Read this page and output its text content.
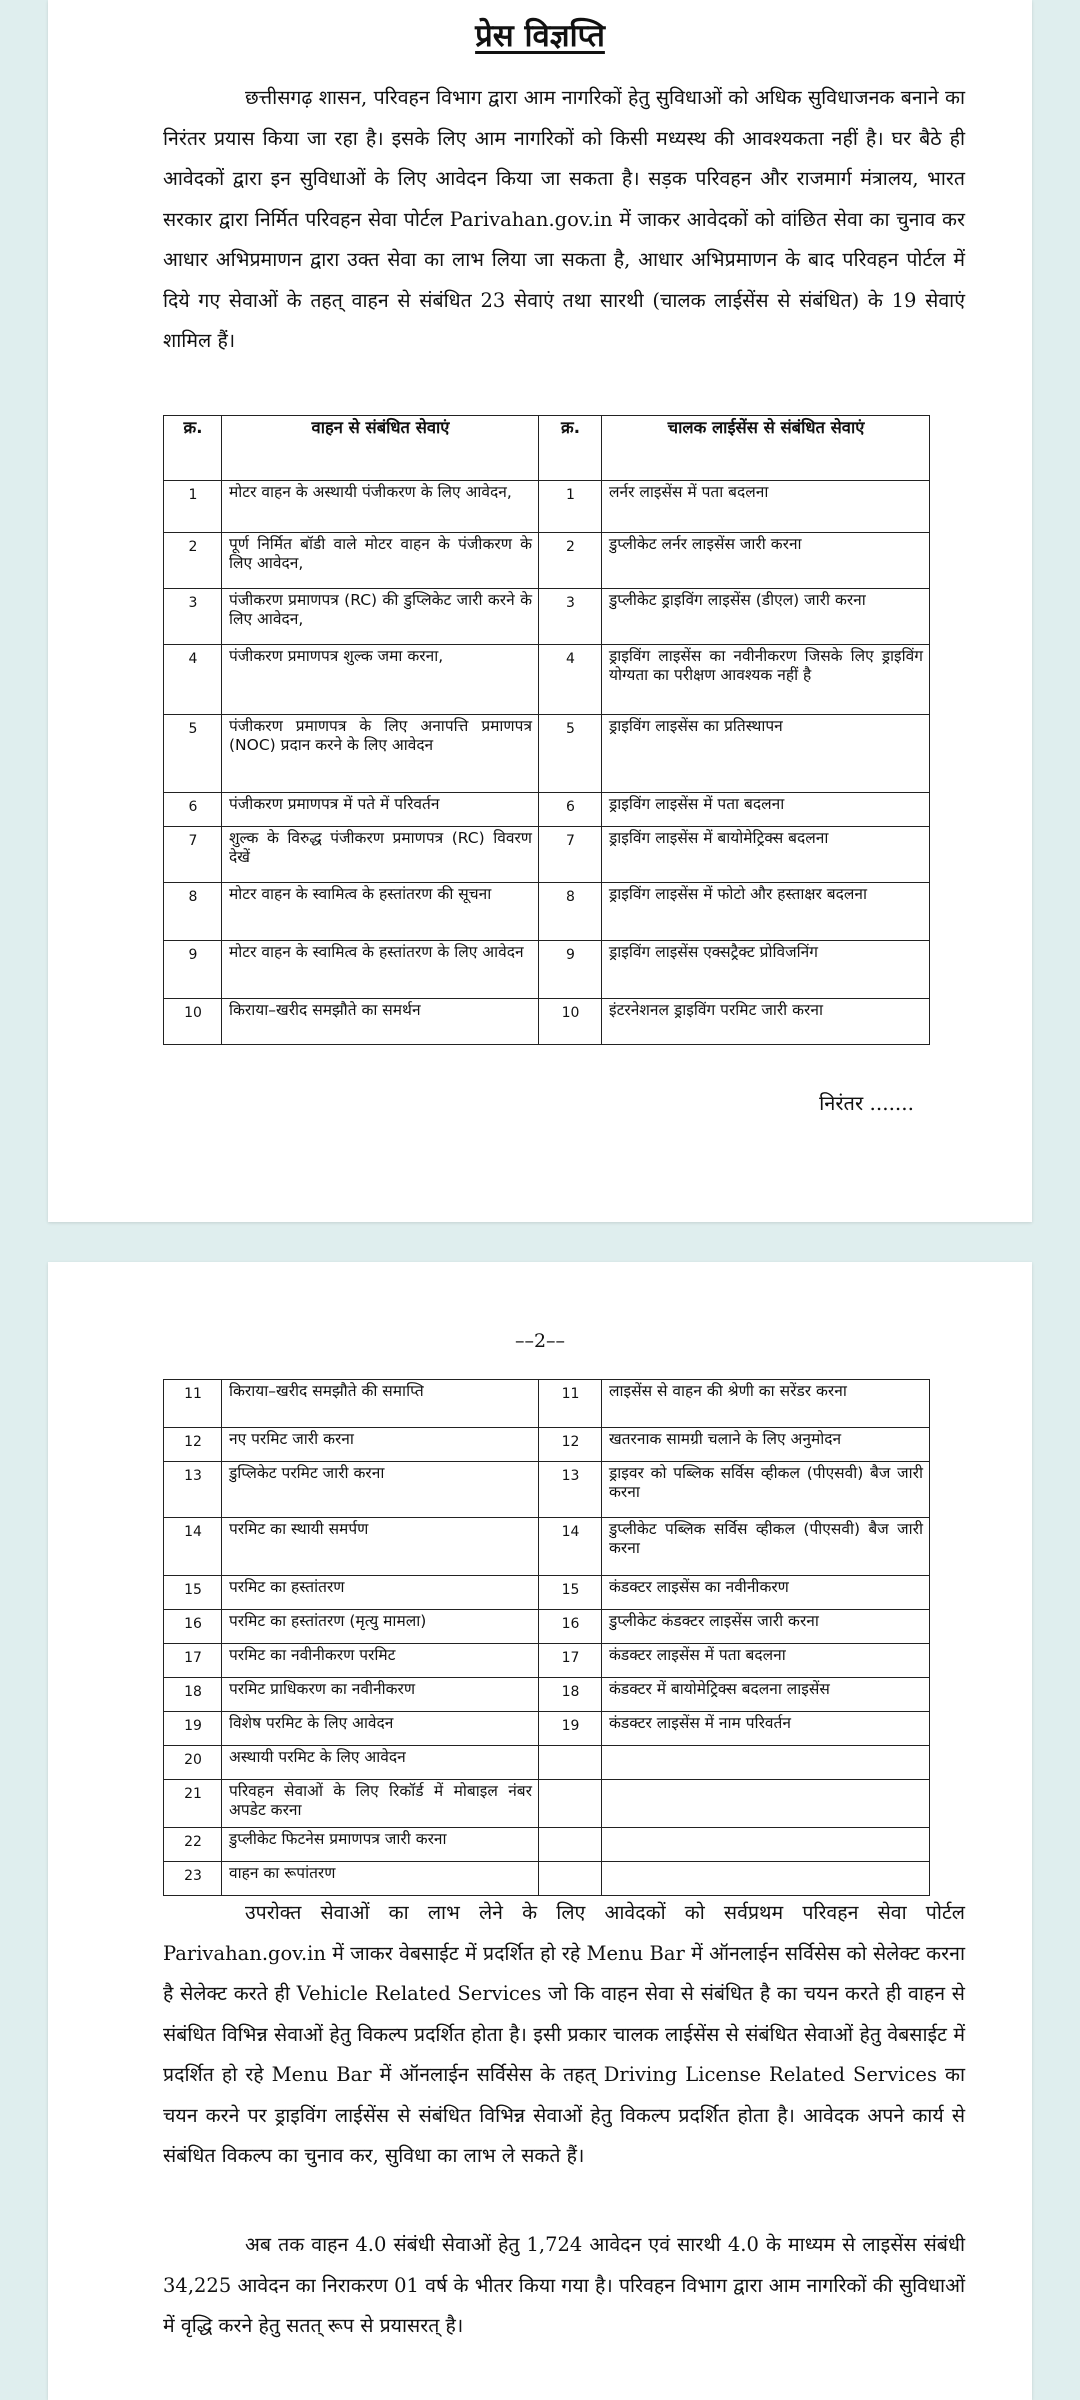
प्रेस विज्ञप्ति

छत्तीसगढ़ शासन, परिवहन विभाग द्वारा आम नागरिकों हेतु सुविधाओं को अधिक सुविधाजनक बनाने का निरंतर प्रयास किया जा रहा है। इसके लिए आम नागरिकों को किसी मध्यस्थ की आवश्यकता नहीं है। घर बैठे ही आवेदकों द्वारा इन सुविधाओं के लिए आवेदन किया जा सकता है। सड़क परिवहन और राजमार्ग मंत्रालय, भारत सरकार द्वारा निर्मित परिवहन सेवा पोर्टल Parivahan.gov.in में जाकर आवेदकों को वांछित सेवा का चुनाव कर आधार अभिप्रमाणन द्वारा उक्त सेवा का लाभ लिया जा सकता है, आधार अभिप्रमाणन के बाद परिवहन पोर्टल में दिये गए सेवाओं के तहत् वाहन से संबंधित 23 सेवाएं तथा सारथी (चालक लाईसेंस से संबंधित) के 19 सेवाएं शामिल हैं।

क्र.	वाहन से संबंधित सेवाएं	क्र.	चालक लाईसेंस से संबंधित सेवाएं
1	मोटर वाहन के अस्थायी पंजीकरण के लिए आवेदन,	1	लर्नर लाइसेंस में पता बदलना
2	पूर्ण निर्मित बॉडी वाले मोटर वाहन के पंजीकरण के लिए आवेदन,	2	डुप्लीकेट लर्नर लाइसेंस जारी करना
3	पंजीकरण प्रमाणपत्र (RC) की डुप्लिकेट जारी करने के लिए आवेदन,	3	डुप्लीकेट ड्राइविंग लाइसेंस (डीएल) जारी करना
4	पंजीकरण प्रमाणपत्र शुल्क जमा करना,	4	ड्राइविंग लाइसेंस का नवीनीकरण जिसके लिए ड्राइविंग योग्यता का परीक्षण आवश्यक नहीं है
5	पंजीकरण प्रमाणपत्र के लिए अनापत्ति प्रमाणपत्र (NOC) प्रदान करने के लिए आवेदन	5	ड्राइविंग लाइसेंस का प्रतिस्थापन
6	पंजीकरण प्रमाणपत्र में पते में परिवर्तन	6	ड्राइविंग लाइसेंस में पता बदलना
7	शुल्क के विरुद्ध पंजीकरण प्रमाणपत्र (RC) विवरण देखें	7	ड्राइविंग लाइसेंस में बायोमेट्रिक्स बदलना
8	मोटर वाहन के स्वामित्व के हस्तांतरण की सूचना	8	ड्राइविंग लाइसेंस में फोटो और हस्ताक्षर बदलना
9	मोटर वाहन के स्वामित्व के हस्तांतरण के लिए आवेदन	9	ड्राइविंग लाइसेंस एक्सट्रैक्ट प्रोविजनिंग
10	किराया–खरीद समझौते का समर्थन	10	इंटरनेशनल ड्राइविंग परमिट जारी करना
निरंतर .......
––2––
11	किराया–खरीद समझौते की समाप्ति	11	लाइसेंस से वाहन की श्रेणी का सरेंडर करना
12	नए परमिट जारी करना	12	खतरनाक सामग्री चलाने के लिए अनुमोदन
13	डुप्लिकेट परमिट जारी करना	13	ड्राइवर को पब्लिक सर्विस व्हीकल (पीएसवी) बैज जारी करना
14	परमिट का स्थायी समर्पण	14	डुप्लीकेट पब्लिक सर्विस व्हीकल (पीएसवी) बैज जारी करना
15	परमिट का हस्तांतरण	15	कंडक्टर लाइसेंस का नवीनीकरण
16	परमिट का हस्तांतरण (मृत्यु मामला)	16	डुप्लीकेट कंडक्टर लाइसेंस जारी करना
17	परमिट का नवीनीकरण परमिट	17	कंडक्टर लाइसेंस में पता बदलना
18	परमिट प्राधिकरण का नवीनीकरण	18	कंडक्टर में बायोमेट्रिक्स बदलना लाइसेंस
19	विशेष परमिट के लिए आवेदन	19	कंडक्टर लाइसेंस में नाम परिवर्तन
20	अस्थायी परमिट के लिए आवेदन		
21	परिवहन सेवाओं के लिए रिकॉर्ड में मोबाइल नंबर अपडेट करना		
22	डुप्लीकेट फिटनेस प्रमाणपत्र जारी करना		
23	वाहन का रूपांतरण		

उपरोक्त सेवाओं का लाभ लेने के लिए आवेदकों को सर्वप्रथम परिवहन सेवा पोर्टल Parivahan.gov.in में जाकर वेबसाईट में प्रदर्शित हो रहे Menu Bar में ऑनलाईन सर्विसेस को सेलेक्ट करना है सेलेक्ट करते ही Vehicle Related Services जो कि वाहन सेवा से संबंधित है का चयन करते ही वाहन से संबंधित विभिन्न सेवाओं हेतु विकल्प प्रदर्शित होता है। इसी प्रकार चालक लाईसेंस से संबंधित सेवाओं हेतु वेबसाईट में प्रदर्शित हो रहे Menu Bar में ऑनलाईन सर्विसेस के तहत् Driving License Related Services का चयन करने पर ड्राइविंग लाईसेंस से संबंधित विभिन्न सेवाओं हेतु विकल्प प्रदर्शित होता है। आवेदक अपने कार्य से संबंधित विकल्प का चुनाव कर, सुविधा का लाभ ले सकते हैं।

अब तक वाहन 4.0 संबंधी सेवाओं हेतु 1,724 आवेदन एवं सारथी 4.0 के माध्यम से लाइसेंस संबंधी 34,225 आवेदन का निराकरण 01 वर्ष के भीतर किया गया है। परिवहन विभाग द्वारा आम नागरिकों की सुविधाओं में वृद्धि करने हेतु सतत् रूप से प्रयासरत् है।
